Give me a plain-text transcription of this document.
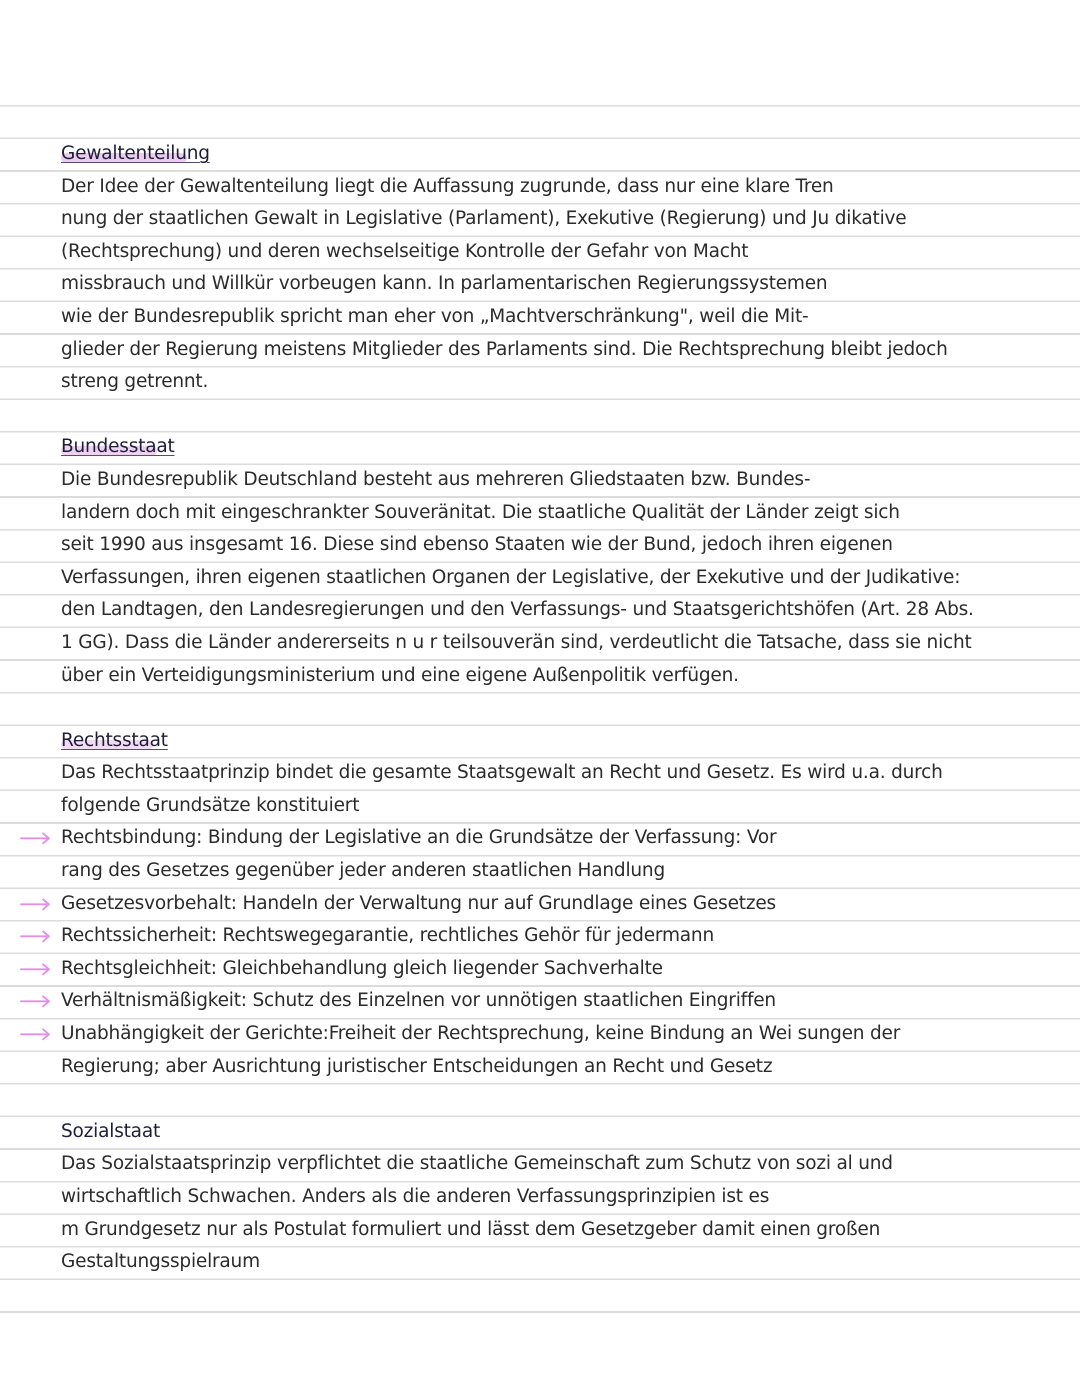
Gewaltenteilung
Der Idee der Gewaltenteilung liegt die Auffassung zugrunde, dass nur eine klare Tren
nung der staatlichen Gewalt in Legislative (Parlament), Exekutive (Regierung) und Ju dikative
(Rechtsprechung) und deren wechselseitige Kontrolle der Gefahr von Macht
missbrauch und Willkür vorbeugen kann. In parlamentarischen Regierungssystemen
wie der Bundesrepublik spricht man eher von „Machtverschränkung", weil die Mit-
glieder der Regierung meistens Mitglieder des Parlaments sind. Die Rechtsprechung bleibt jedoch
streng getrennt.
Bundesstaat
Die Bundesrepublik Deutschland besteht aus mehreren Gliedstaaten bzw. Bundes-
landern doch mit eingeschrankter Souveränitat. Die staatliche Qualität der Länder zeigt sich
seit 1990 aus insgesamt 16. Diese sind ebenso Staaten wie der Bund, jedoch ihren eigenen
Verfassungen, ihren eigenen staatlichen Organen der Legislative, der Exekutive und der Judikative:
den Landtagen, den Landesregierungen und den Verfassungs- und Staatsgerichtshöfen (Art. 28 Abs.
1 GG). Dass die Länder andererseits n u r teilsouverän sind, verdeutlicht die Tatsache, dass sie nicht
über ein Verteidigungsministerium und eine eigene Außenpolitik verfügen.
Rechtsstaat
Das Rechtsstaatprinzip bindet die gesamte Staatsgewalt an Recht und Gesetz. Es wird u.a. durch
folgende Grundsätze konstituiert
Rechtsbindung: Bindung der Legislative an die Grundsätze der Verfassung: Vor
rang des Gesetzes gegenüber jeder anderen staatlichen Handlung
Gesetzesvorbehalt: Handeln der Verwaltung nur auf Grundlage eines Gesetzes
Rechtssicherheit: Rechtswegegarantie, rechtliches Gehör für jedermann
Rechtsgleichheit: Gleichbehandlung gleich liegender Sachverhalte
Verhältnismäßigkeit: Schutz des Einzelnen vor unnötigen staatlichen Eingriffen
Unabhängigkeit der Gerichte:Freiheit der Rechtsprechung, keine Bindung an Wei sungen der
Regierung; aber Ausrichtung juristischer Entscheidungen an Recht und Gesetz
Sozialstaat
Das Sozialstaatsprinzip verpflichtet die staatliche Gemeinschaft zum Schutz von sozi al und
wirtschaftlich Schwachen. Anders als die anderen Verfassungsprinzipien ist es
m Grundgesetz nur als Postulat formuliert und lässt dem Gesetzgeber damit einen großen
Gestaltungsspielraum
